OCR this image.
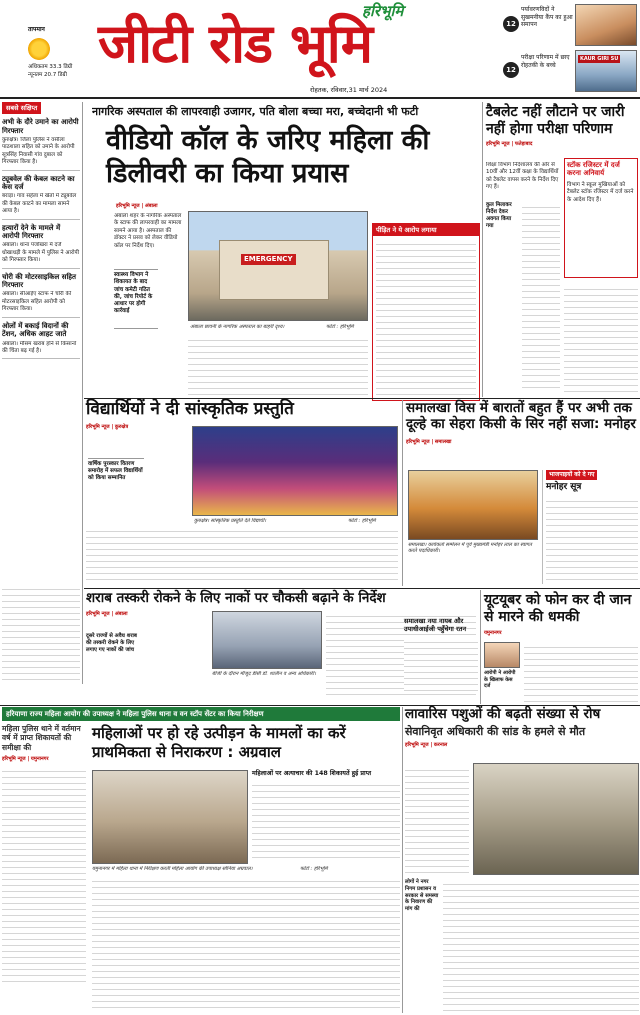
तापमान
अधिकतम 33.3 डिग्री
न्यूनतम 20.7 डिग्री
हरिभूमि
जीटी रोड भूमि
रोहतक, रविवार,31 मार्च 2024
12
पर्यावरणविदों ने सुखमनीया कैंप का हुआ समापन
12
परीक्षा परिणाम में छाए रोहतकी के बच्चे
KAUR GIRI SU
सबसे सक्षिप्त
अभी के दौरे उमाने का आरोपी गिरफ्तार
कुरुक्षेत्र। जिला पुलिस ने वसीला पाठशाला सहित को उमाने के आरोपी सूत्रसिंह निवासी गांव दुबाल को गिरफ्तार किया है।
ट्यूबवेल की केबल काटने का केस दर्ज
बराड़ा। गांव सहेला में खेतों में ट्यूबवेल की केबल काटने का मामला सामने आया है।
हत्यारों देने के मामले में आरोपी गिरफ्तार
अंबाला। थाना पंजोखरा में दर्ज धोखाधड़ी के मामले में पुलिस ने आरोपी को गिरफ्तार किया।
चोरी की मोटरसाइकिल सहित गिरफ्तार
अंबाला। सीआईए स्टाफ ने चोरी की मोटरसाइकिल सहित आरोपी को गिरफ्तार किया।
ओलों में बकाई विदानों की टेंशन, अधिक आहट जाते
अंबाला। मौसम खराब होने से किसानों की चिंता बढ़ गई है।
नागरिक अस्पताल की लापरवाही उजागर, पति बोला बच्चा मरा, बच्चेदानी भी फटी
वीडियो कॉल के जरिए महिला की डिलीवरी का किया प्रयास
हरिभूमि न्यूज | अंबाला
अंबाला शहर के नागरिक अस्पताल के स्टाफ की लापरवाही का मामला सामने आया है। अस्पताल की डॉक्टर ने प्रसव को लेकर वीडियो कॉल पर निर्देश दिए।
स्वास्थ्य विभाग ने शिकायत के बाद जांच कमेटी गठित की, जांच रिपोर्ट के आधार पर होगी कार्रवाई
EMERGENCY
अंबाला छावनी के नागरिक अस्पताल का बाहरी दृश्य।	फोटो : हरिभूमि
पीड़ित ने ये आरोप लगाया
टैबलेट नहीं लौटाने पर जारी नहीं होगा परीक्षा परिणाम
हरिभूमि न्यूज | फतेहाबाद
शिक्षा विभाग निदेशालय की ओर से 10वीं और 12वीं कक्षा के विद्यार्थियों को टैबलेट वापस करने के निर्देश दिए गए हैं।
कुल मिलाकर निर्देश देकर अवगत किया गया
स्टॉक रजिस्टर में दर्ज करना अनिवार्य
विभाग ने स्कूल मुखियाओं को टैबलेट स्टॉक रजिस्टर में दर्ज करने के आदेश दिए हैं।
विद्यार्थियों ने दी सांस्कृतिक प्रस्तुति
हरिभूमि न्यूज | कुरुक्षेत्र
वार्षिक पुरस्कार वितरण समारोह में सफल विद्यार्थियों को किया सम्मानित
कुरुक्षेत्र। सांस्कृतिक प्रस्तुति देते विद्यार्थी।	फोटो : हरिभूमि
समालखा विस में बारातों बहुत हैं पर अभी तक दूल्हे का सेहरा किसी के सिर नहीं सजा: मनोहर
हरिभूमि न्यूज | समालखा
समालखा। कार्यकर्ता सम्मेलन में पूर्व मुख्यमंत्री मनोहर लाल का स्वागत करते पदाधिकारी।
भाजपाइयों को दे गए
मनोहर सूत्र
शराब तस्करी रोकने के लिए नाकों पर चौकसी बढ़ाने के निर्देश
हरिभूमि न्यूज | अंबाला
दूसरे राज्यों से अवैध शराब की तस्करी रोकने के लिए लगाए गए नाकों की जांच
बीजी के दौरान मौजूद डीसी डॉ. शालीन व अन्य अधिकारी।
समालखा नया नायब और उपाधीआईजी पहुँचेगा रतन
यूटयूबर को फोन कर दी जान से मारने की धमकी
यमुनानगर
आरोपी ने आरोपी के खिलाफ केस दर्ज
हरियाणा राज्य महिला आयोग की उपाध्यक्ष ने महिला पुलिस थाना व वन स्टॉप सेंटर का किया निरीक्षण
महिला पुलिस थाने में वर्तमान वर्ष में प्राप्त शिकायतों की समीक्षा की
हरिभूमि न्यूज | यमुनानगर
महिलाओं पर हो रहे उत्पीड़न के मामलों का करें प्राथमिकता से निराकरण : अग्रवाल
यमुनानगर में महिला थाना में निरीक्षण करती महिला आयोग की उपाध्यक्ष सोनिया अग्रवाल।	फोटो : हरिभूमि
महिलाओं पर अत्याचार की 148 शिकायतें हुई प्राप्त
लावारिस पशुओं की बढ़ती संख्या से रोष
सेवानिवृत अधिकारी की सांड के हमले से मौत
हरिभूमि न्यूज | करनाल
लोगों ने नगर निगम प्रशासन व सरकार से समस्या के निवारण की मांग की
